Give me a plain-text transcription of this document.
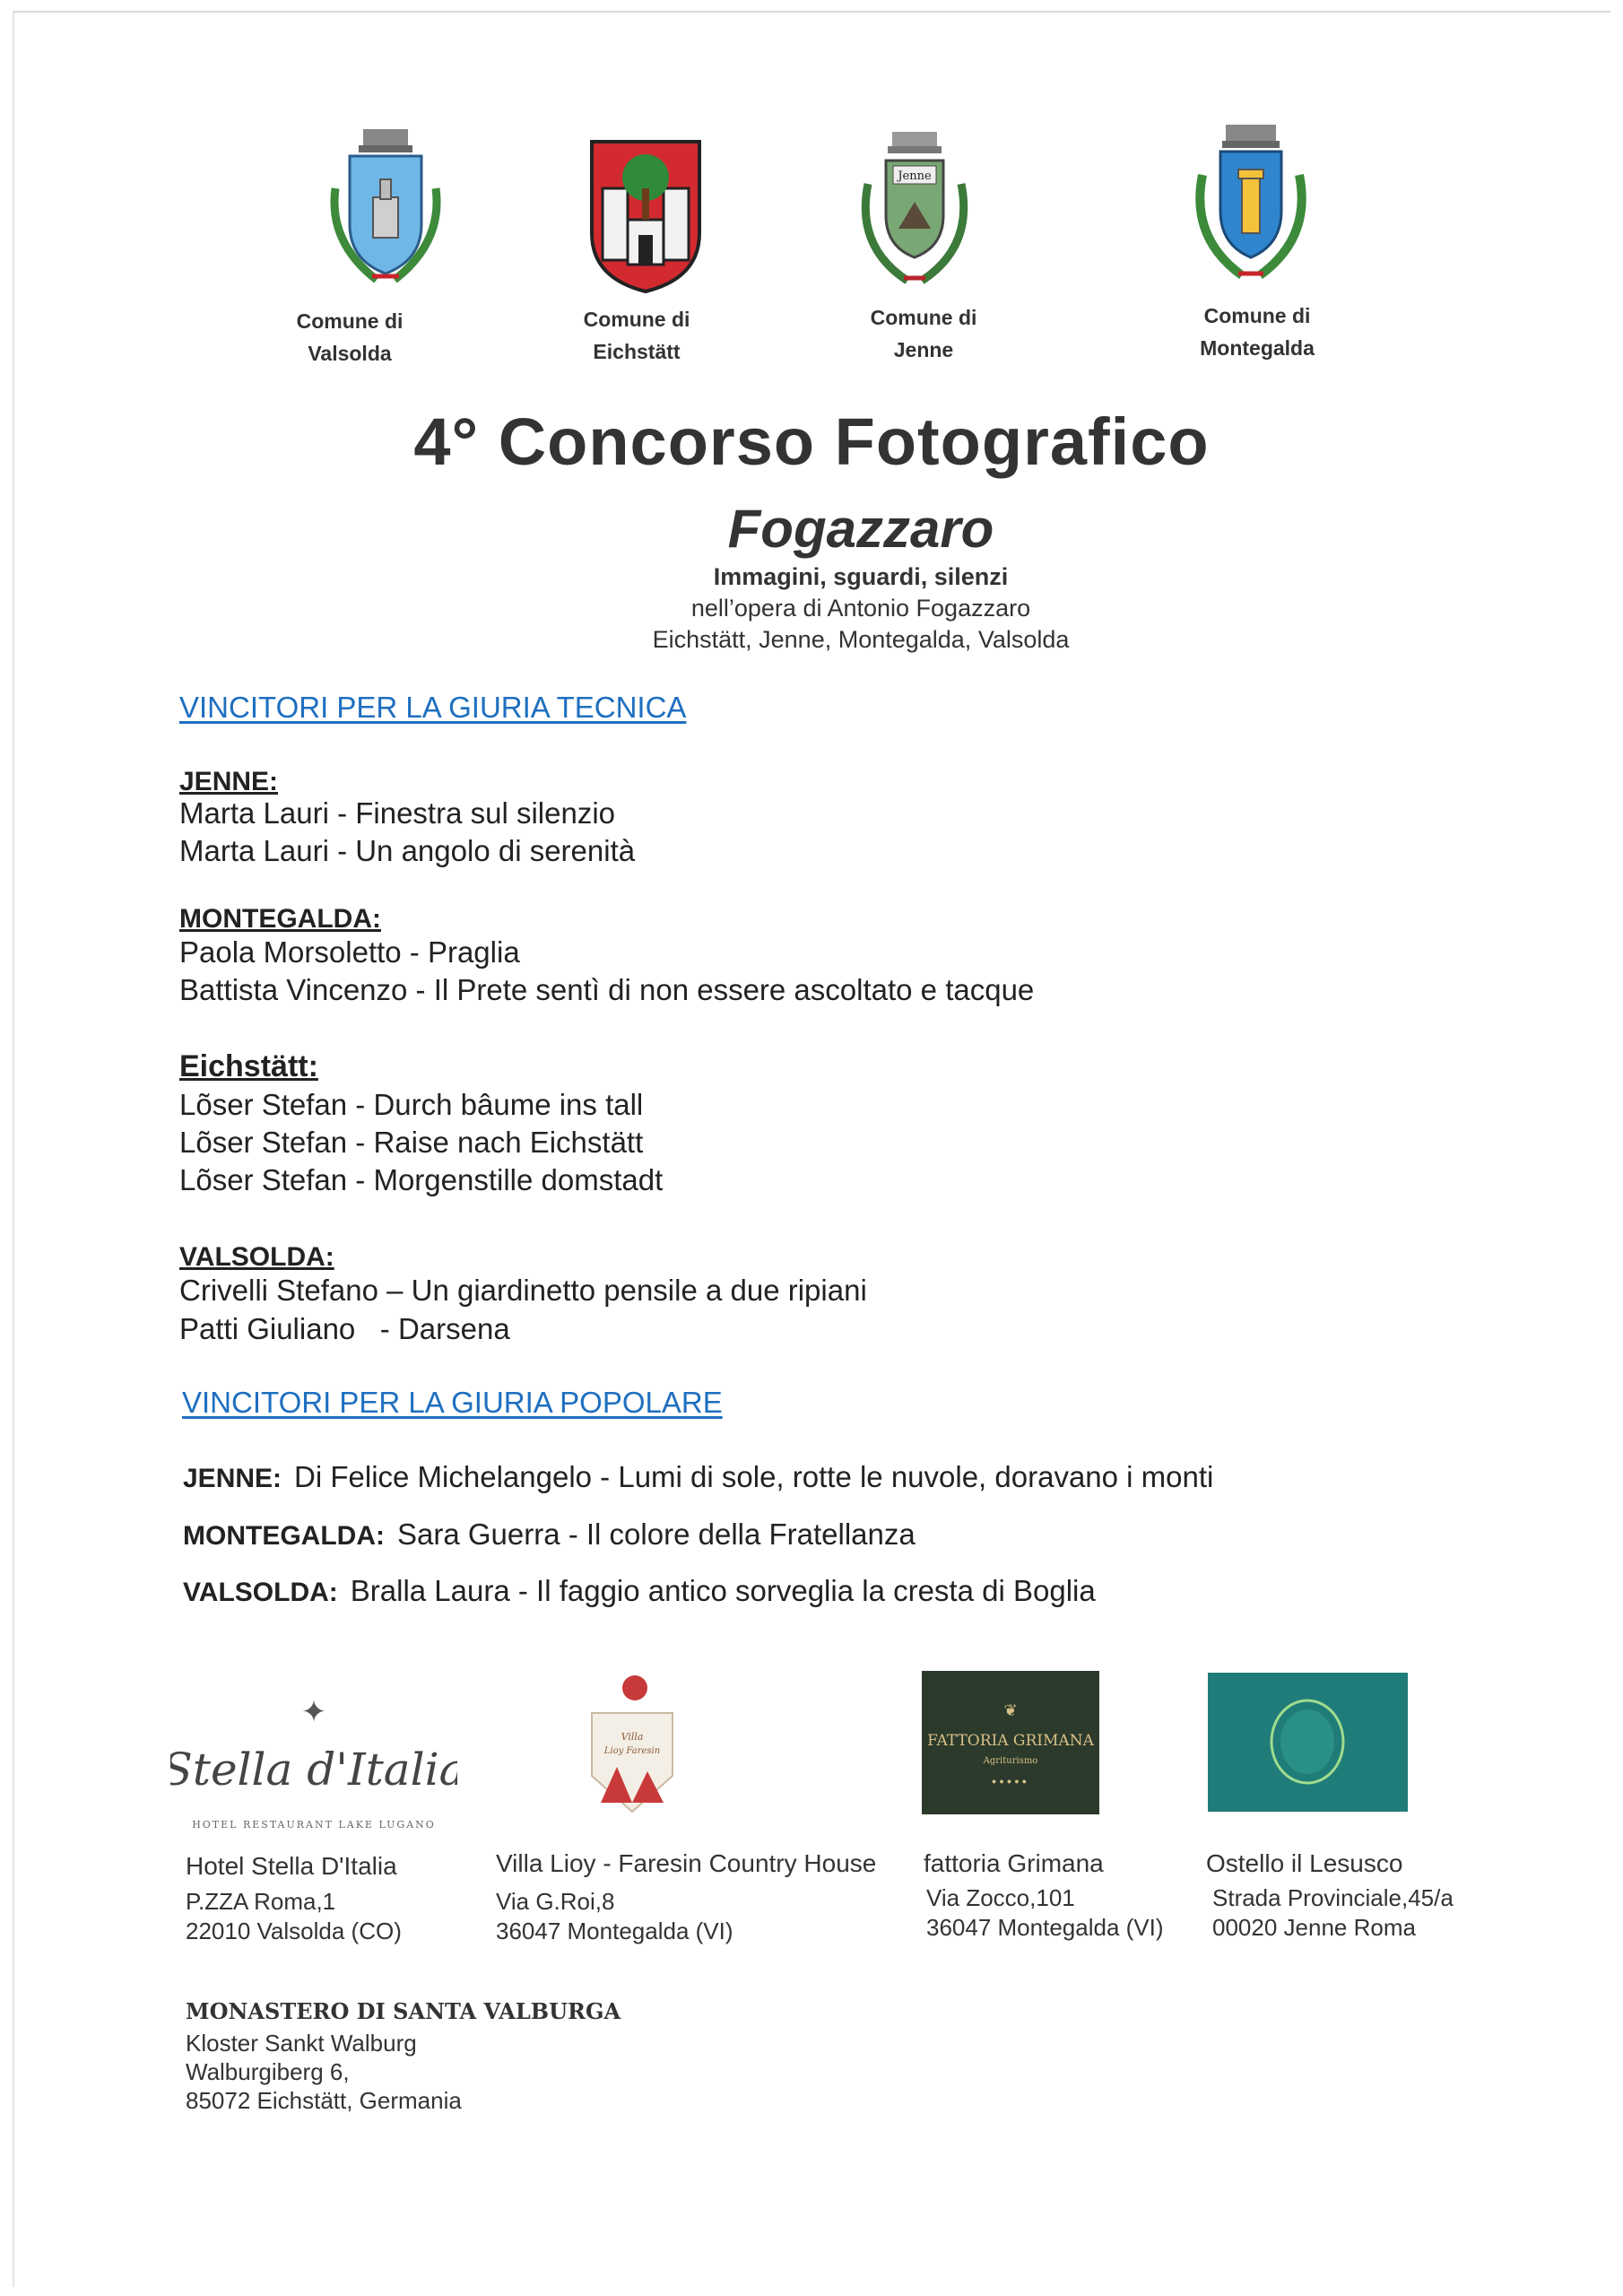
Jenne
Comune di
Valsolda
Comune di
Eichstätt
Comune di
Jenne
Comune di
Montegalda
4° Concorso Fotografico
Fogazzaro
Immagini, sguardi, silenzi
nell’opera di Antonio Fogazzaro
Eichstätt, Jenne, Montegalda, Valsolda
VINCITORI PER LA GIURIA TECNICA
JENNE:
Marta Lauri - Finestra sul silenzio
Marta Lauri - Un angolo di serenità
MONTEGALDA:
Paola Morsoletto - Praglia
Battista Vincenzo - Il Prete sentì di non essere ascoltato e tacque
Eichstätt:
Lõser Stefan - Durch bâume ins tall
Lõser Stefan - Raise nach Eichstätt
Lõser Stefan - Morgenstille domstadt
VALSOLDA:
Crivelli Stefano – Un giardinetto pensile a due ripiani
Patti Giuliano   - Darsena
VINCITORI PER LA GIURIA POPOLARE
JENNE: Di Felice Michelangelo - Lumi di sole, rotte le nuvole, doravano i monti
MONTEGALDA: Sara Guerra - Il colore della Fratellanza
VALSOLDA: Bralla Laura - Il faggio antico sorveglia la cresta di Boglia
✦
Stella d'Italia
HOTEL RESTAURANT LAKE LUGANO
Villa
Lioy Faresin
❦
FATTORIA GRIMANA
Agriturismo
●●●●●
Hotel Stella D'Italia
P.ZZA Roma,1
22010 Valsolda (CO)
Villa Lioy - Faresin Country House
Via G.Roi,8
36047 Montegalda (VI)
fattoria Grimana
Via Zocco,101
36047 Montegalda (VI)
Ostello il Lesusco
Strada Provinciale,45/a
00020 Jenne Roma
MONASTERO DI SANTA VALBURGA
Kloster Sankt Walburg
Walburgiberg 6,
85072 Eichstätt, Germania
